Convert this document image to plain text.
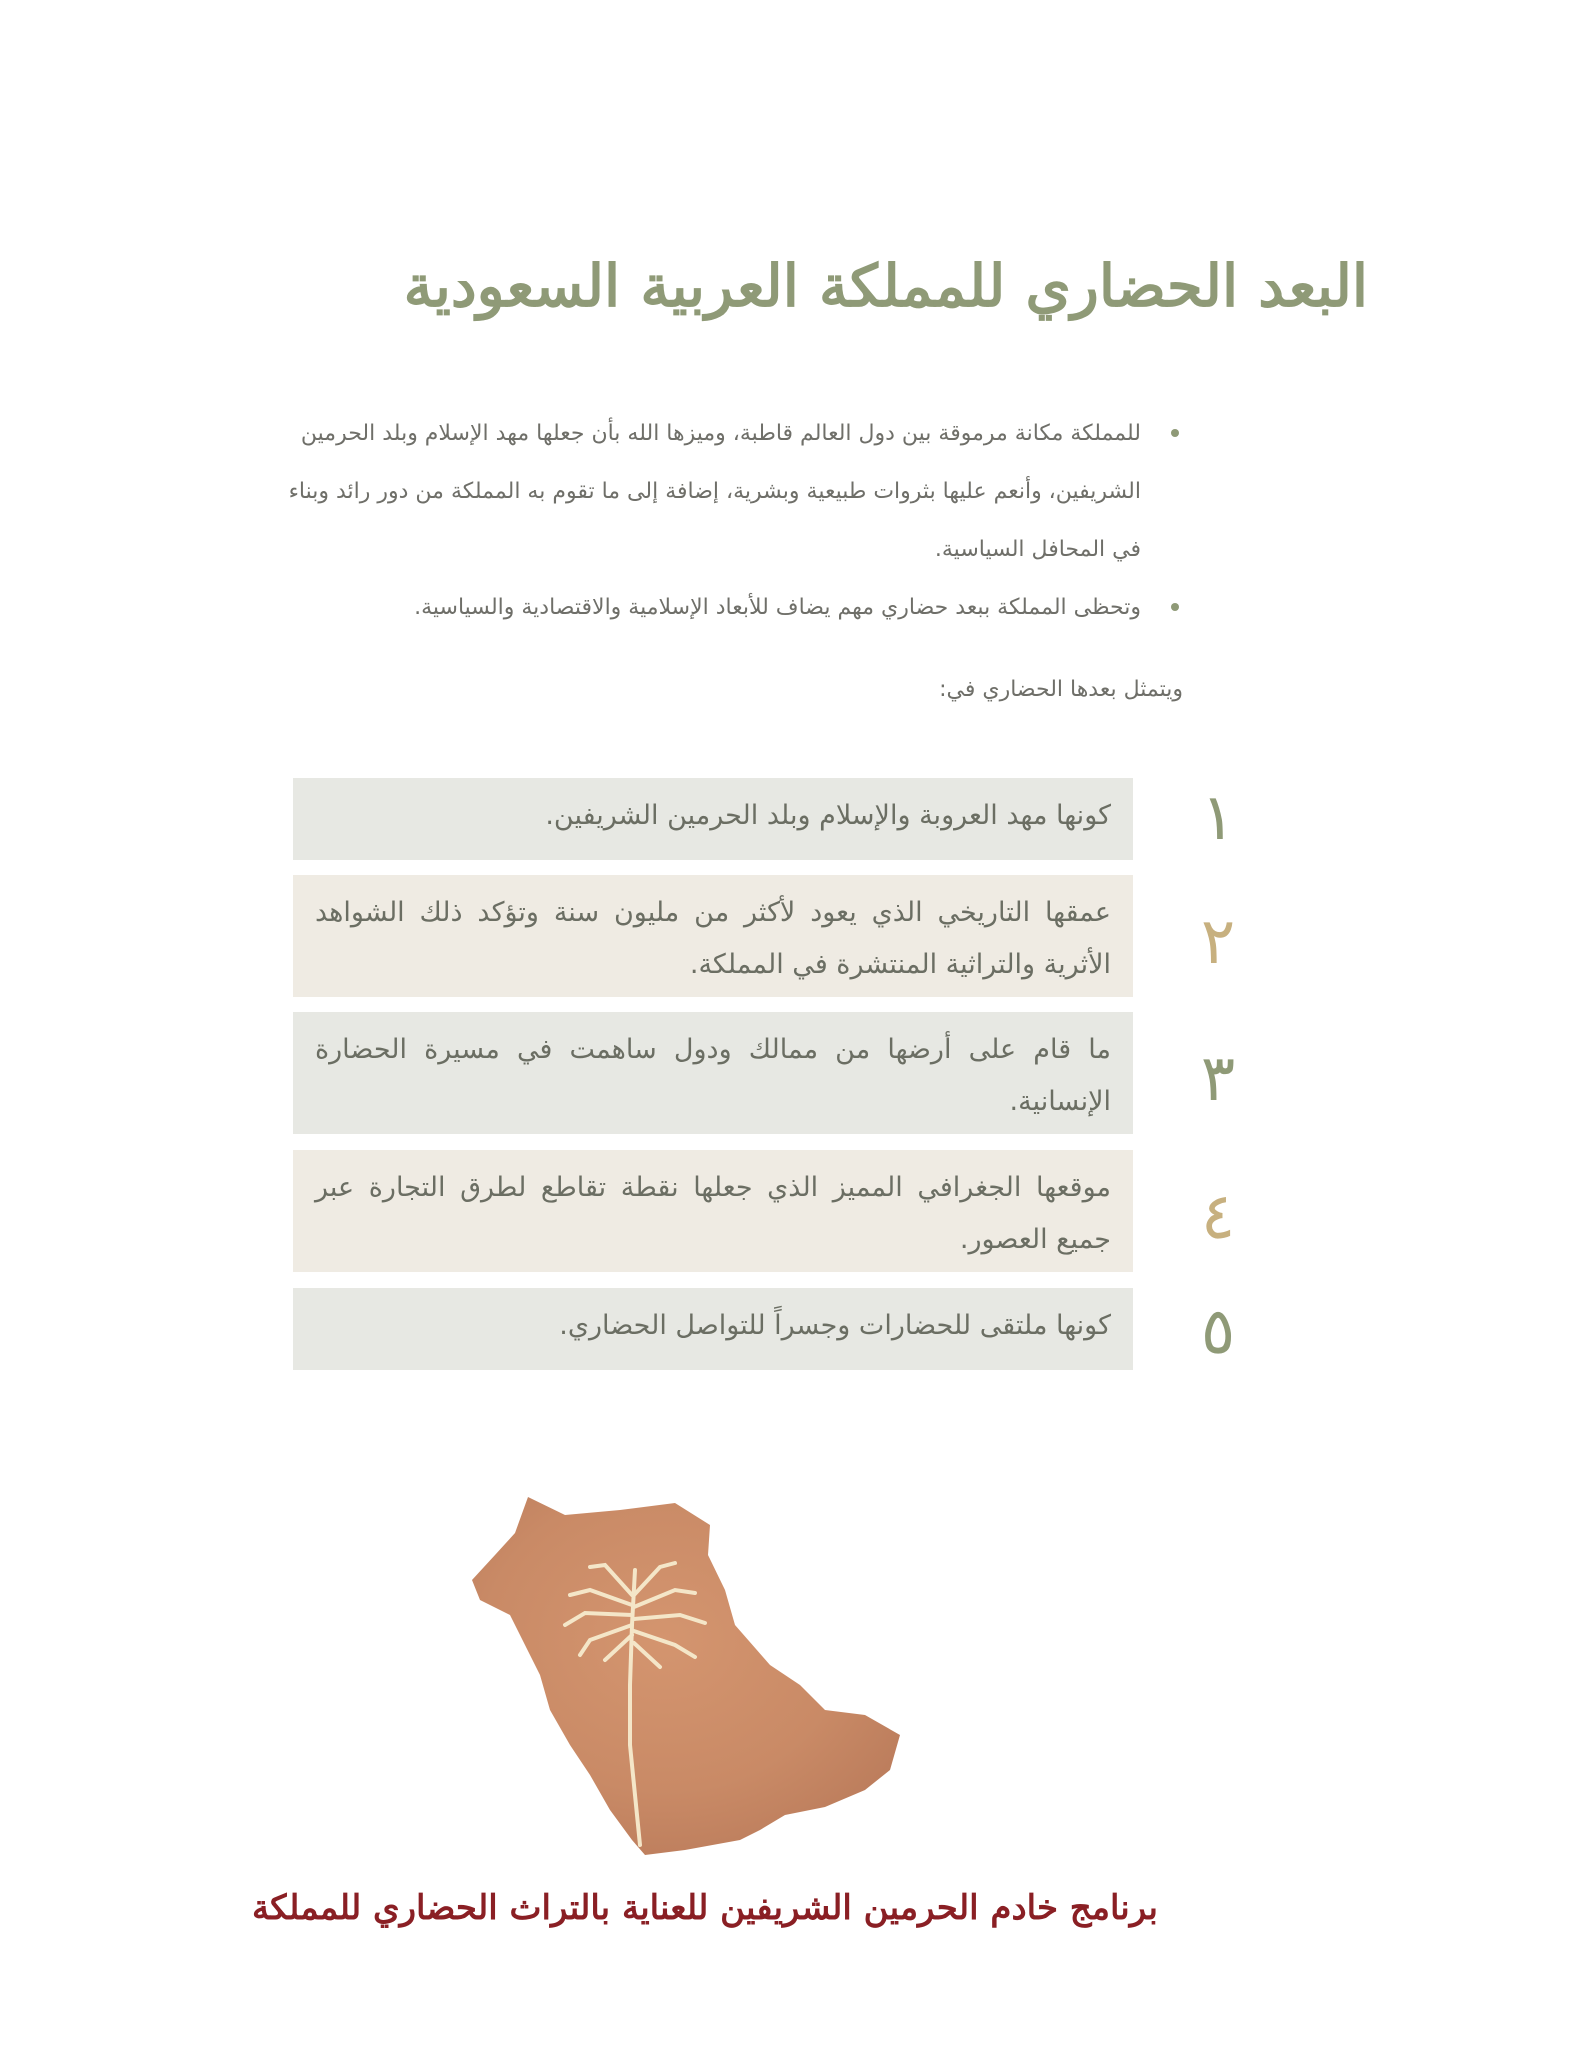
البعد الحضاري للمملكة العربية السعودية
للمملكة مكانة مرموقة بين دول العالم قاطبة، وميزها الله بأن جعلها مهد الإسلام وبلد الحرمين الشريفين، وأنعم عليها بثروات طبيعية وبشرية، إضافة إلى ما تقوم به المملكة من دور رائد وبناء في المحافل السياسية.
وتحظى المملكة ببعد حضاري مهم يضاف للأبعاد الإسلامية والاقتصادية والسياسية.
ويتمثل بعدها الحضاري في:
١
كونها مهد العروبة والإسلام وبلد الحرمين الشريفين.
٢
عمقها التاريخي الذي يعود لأكثر من مليون سنة وتؤكد ذلك الشواهد الأثرية والتراثية المنتشرة في المملكة.
٣
ما قام على أرضها من ممالك ودول ساهمت في مسيرة الحضارة الإنسانية.
٤
موقعها الجغرافي المميز الذي جعلها نقطة تقاطع لطرق التجارة عبر جميع العصور.
٥
كونها ملتقى للحضارات وجسراً للتواصل الحضاري.
برنامج خادم الحرمين الشريفين للعناية بالتراث الحضاري للمملكة
